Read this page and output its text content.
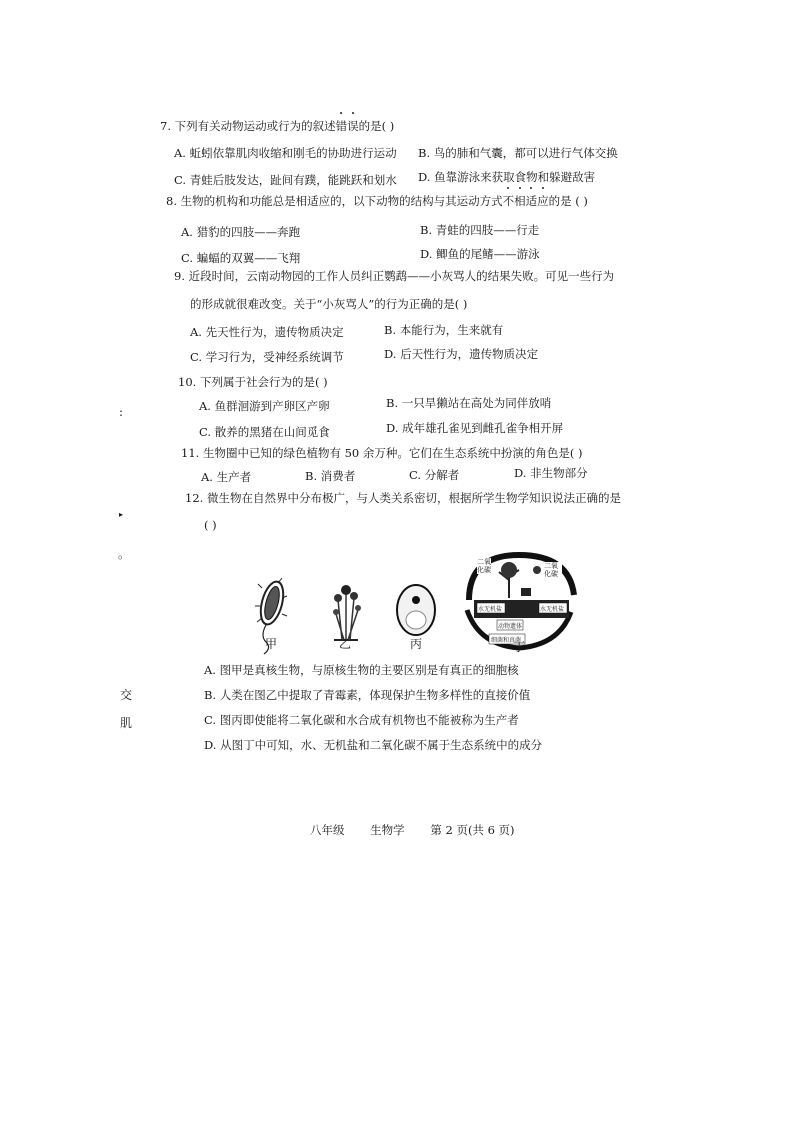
7. 下列有关动物运动或行为的叙述错误
的是( )
A. 蚯蚓依靠肌肉收缩和刚毛的协助进行运动 B. 鸟的肺和气囊，都可以进行气体交换
C. 青蛙后肢发达，趾间有蹼，能跳跃和划水 D. 鱼靠游泳来获取食物和躲避敌害
8. 生物的机构和功能总是相适应的，以下动物的结构与其运动方式不相适应
的是 ( )
A. 猎豹的四肢——奔跑	B. 青蛙的四肢——行走
C. 蝙蝠的双翼——飞翔	D. 鲫鱼的尾鳍——游泳
9. 近段时间，云南动物园的工作人员纠正鹦鹉——小灰骂人的结果失败。可见一些行为
的形成就很难改变。关于“小灰骂人”的行为正确的是( )
A. 先天性行为，遗传物质决定	B. 本能行为，生来就有
C. 学习行为，受神经系统调节	D. 后天性行为，遗传物质决定
10. 下列属于社会行为的是( )
A. 鱼群洄游到产卵区产卵	B. 一只旱獭站在高处为同伴放哨
C. 散养的黑猪在山间觅食	D. 成年雄孔雀见到雌孔雀争相开屏
11. 生物圈中已知的绿色植物有 50 余万种。它们在生态系统中扮演的角色是( )
A. 生产者	B. 消费者	C. 分解者	D. 非生物部分
12. 微生物在自然界中分布极广，与人类关系密切，根据所学生物学知识说法正确的是
( )
二氧化碳	二氧化碳
水无机盐	水无机盐
动物遗体
细菌和真菌
甲	乙	丙	丁
A. 图甲是真核生物，与原核生物的主要区别是有真正的细胞核
B. 人类在图乙中提取了青霉素，体现保护生物多样性的直接价值
C. 图丙即使能将二氧化碳和水合成有机物也不能被称为生产者
D. 从图丁中可知，水、无机盐和二氧化碳不属于生态系统中的成分
:
▸
。
交
肌
八年级 生物学 第 2 页(共 6 页)
